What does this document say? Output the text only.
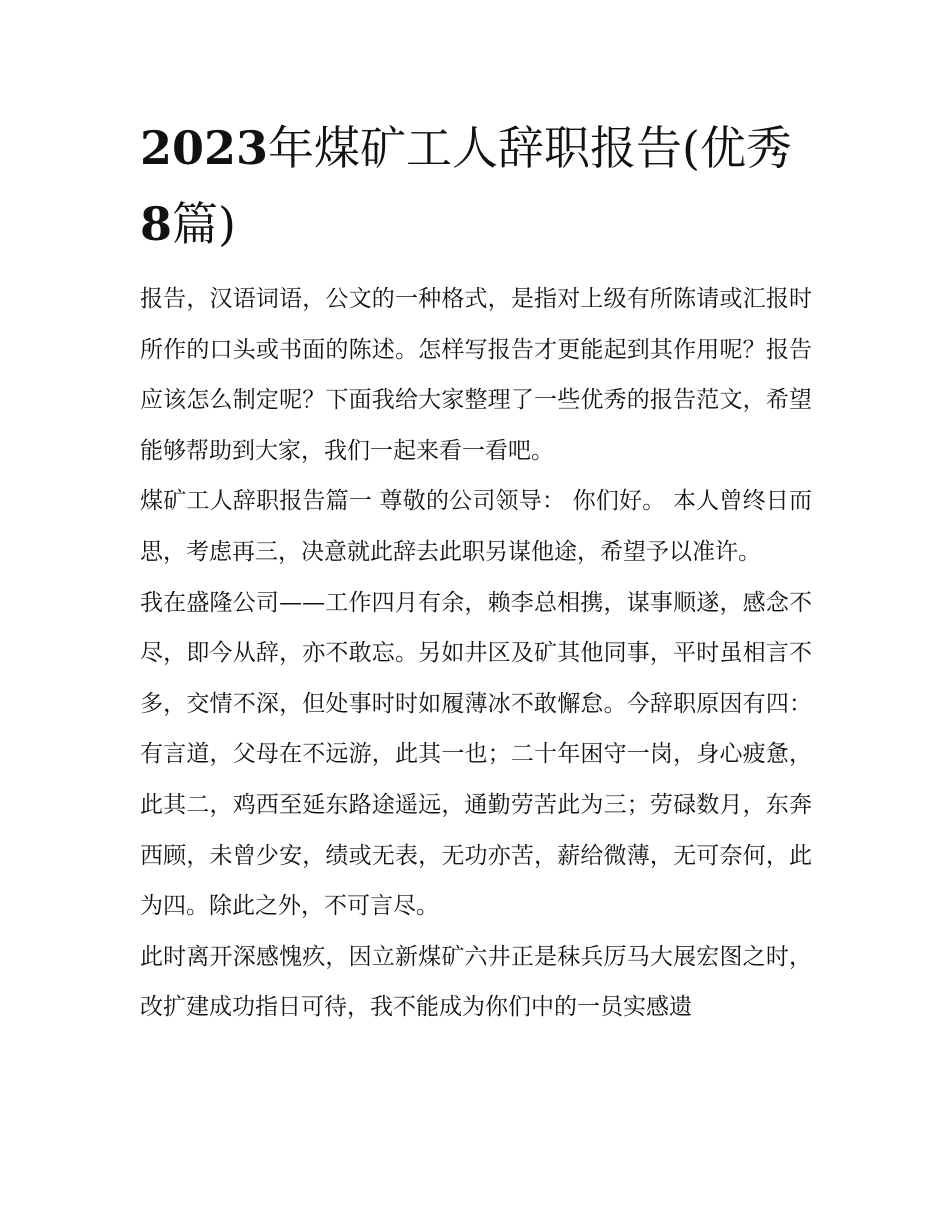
2023年煤矿工人辞职报告(优秀8篇)

报告，汉语词语，公文的一种格式，是指对上级有所陈请或汇报时所作的口头或书面的陈述。怎样写报告才更能起到其作用呢？报告应该怎么制定呢？下面我给大家整理了一些优秀的报告范文，希望能够帮助到大家，我们一起来看一看吧。

煤矿工人辞职报告篇一 尊敬的公司领导： 你们好。 本人曾终日而思，考虑再三，决意就此辞去此职另谋他途，希望予以准许。

我在盛隆公司——工作四月有余，赖李总相携，谋事顺遂，感念不尽，即今从辞，亦不敢忘。另如井区及矿其他同事，平时虽相言不多，交情不深，但处事时时如履薄冰不敢懈怠。今辞职原因有四：有言道，父母在不远游，此其一也；二十年困守一岗，身心疲惫，此其二，鸡西至延东路途遥远，通勤劳苦此为三；劳碌数月，东奔西顾，未曾少安，绩或无表，无功亦苦，薪给微薄，无可奈何，此为四。除此之外，不可言尽。

此时离开深感愧疚，因立新煤矿六井正是秣兵厉马大展宏图之时，改扩建成功指日可待，我不能成为你们中的一员实感遗
